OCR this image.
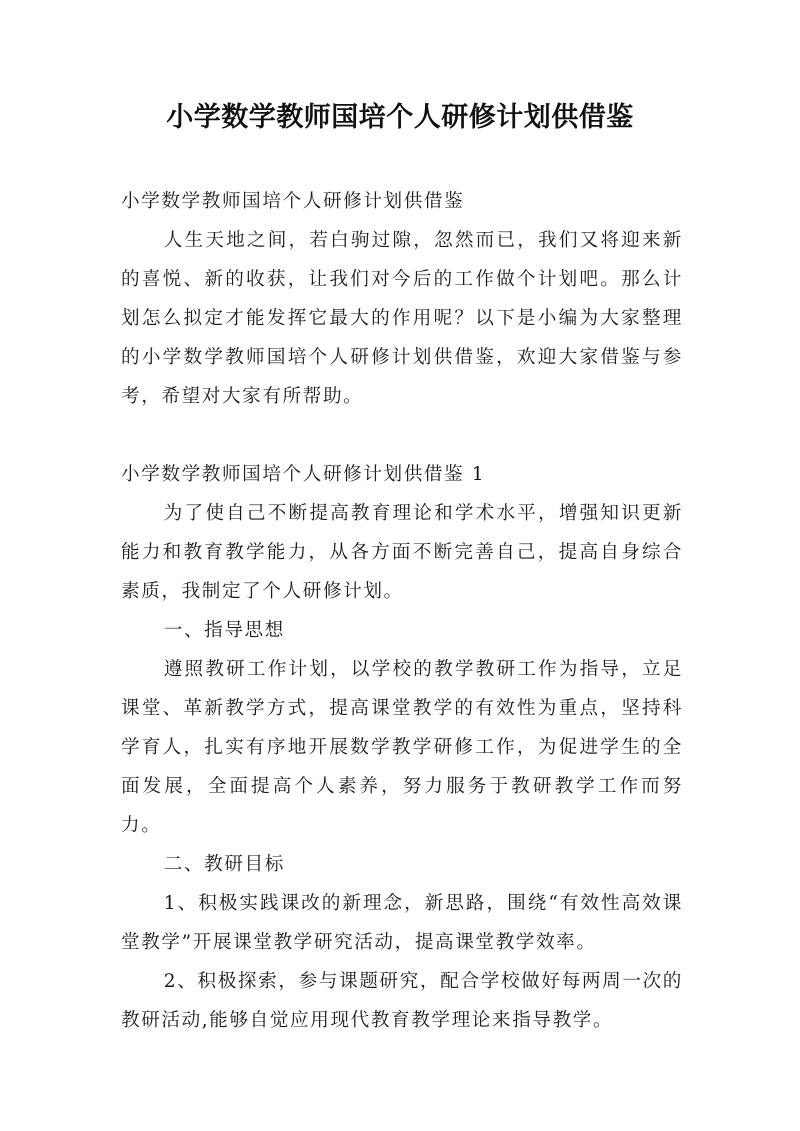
小学数学教师国培个人研修计划供借鉴

小学数学教师国培个人研修计划供借鉴

人生天地之间，若白驹过隙，忽然而已，我们又将迎来新的喜悦、新的收获，让我们对今后的工作做个计划吧。那么计划怎么拟定才能发挥它最大的作用呢？以下是小编为大家整理的小学数学教师国培个人研修计划供借鉴，欢迎大家借鉴与参考，希望对大家有所帮助。

小学数学教师国培个人研修计划供借鉴 1

为了使自己不断提高教育理论和学术水平，增强知识更新能力和教育教学能力，从各方面不断完善自己，提高自身综合素质，我制定了个人研修计划。

一、指导思想

遵照教研工作计划，以学校的教学教研工作为指导，立足课堂、革新教学方式，提高课堂教学的有效性为重点，坚持科学育人，扎实有序地开展数学教学研修工作，为促进学生的全面发展，全面提高个人素养，努力服务于教研教学工作而努力。

二、教研目标

1、积极实践课改的新理念，新思路，围绕“有效性高效课堂教学”开展课堂教学研究活动，提高课堂教学效率。

2、积极探索，参与课题研究，配合学校做好每两周一次的教研活动,能够自觉应用现代教育教学理论来指导教学。
